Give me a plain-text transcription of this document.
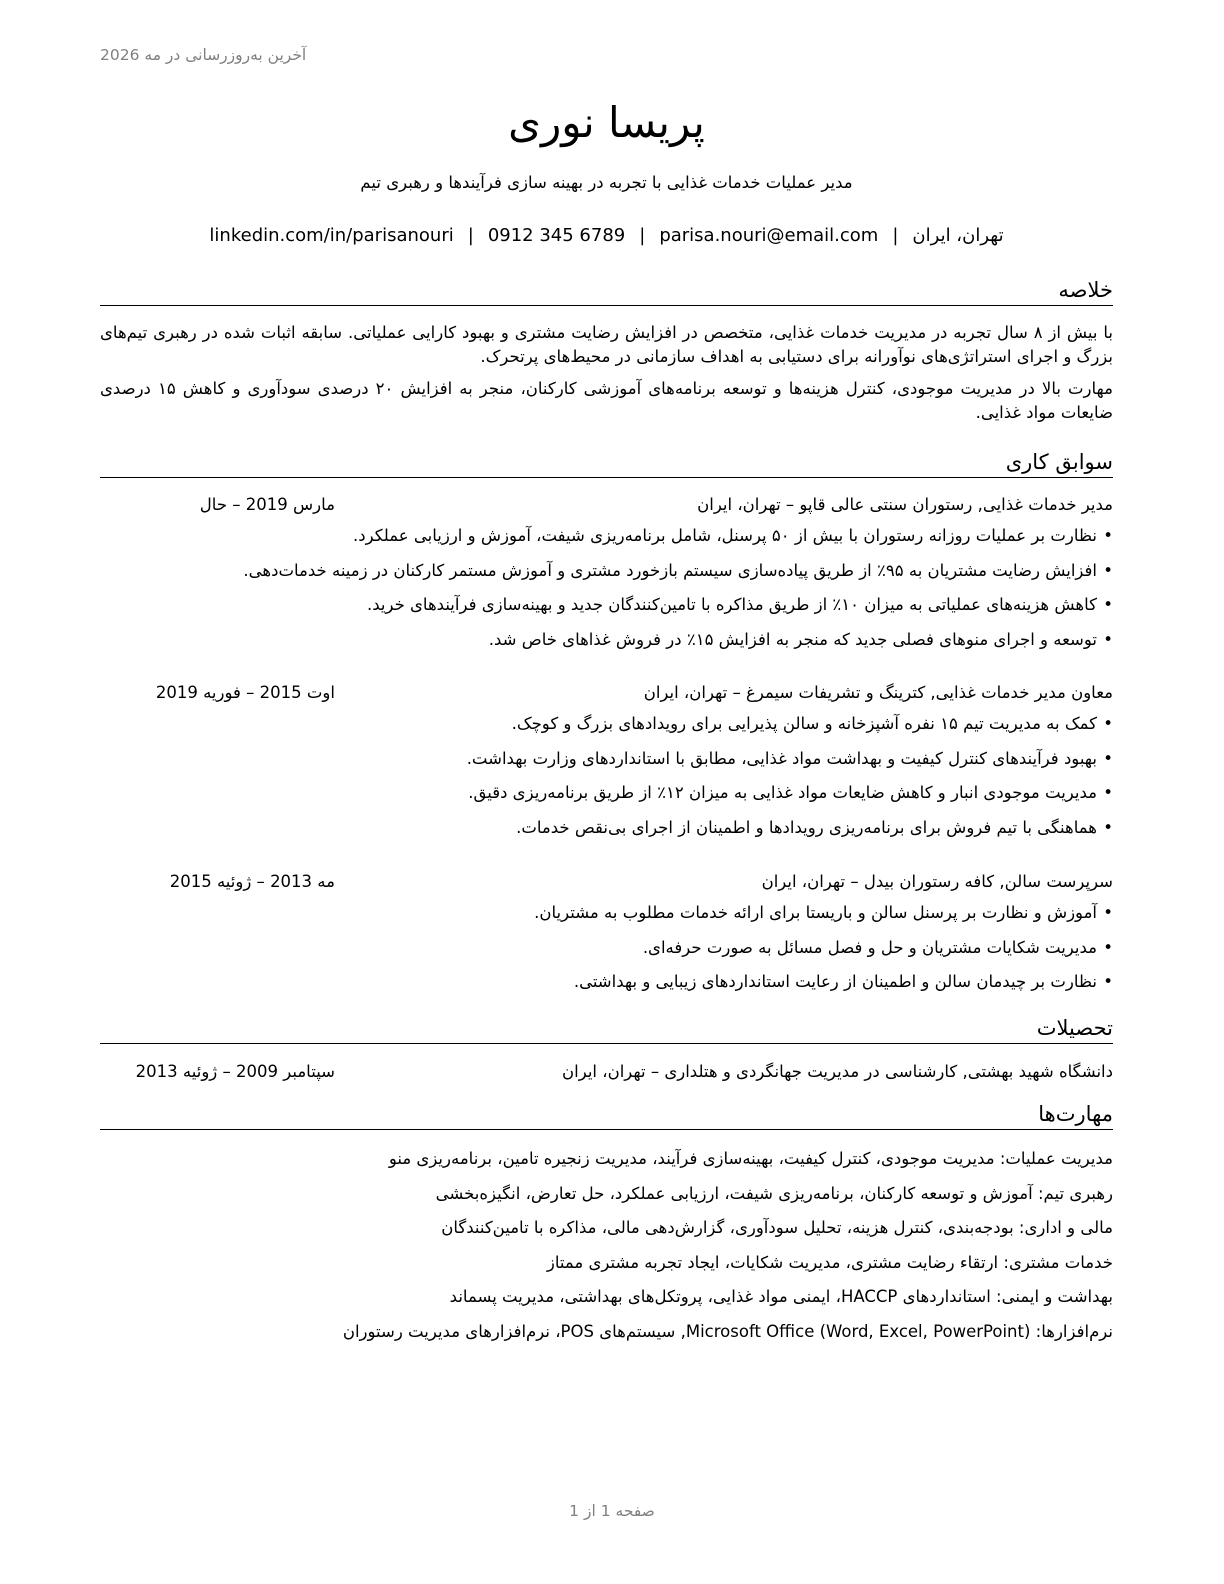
آخرین به‌روزرسانی در مه 2026
پریسا نوری
مدیر عملیات خدمات غذایی با تجربه در بهینه سازی فرآیندها و رهبری تیم
تهران، ایران|parisa.nouri@email.com|0912 345 6789|linkedin.com/in/parisanouri
خلاصه

با بیش از ۸ سال تجربه در مدیریت خدمات غذایی، متخصص در افزایش رضایت مشتری و بهبود کارایی عملیاتی. سابقه اثبات شده در رهبری تیم‌های بزرگ و اجرای استراتژی‌های نوآورانه برای دستیابی به اهداف سازمانی در محیط‌های پرتحرک.

مهارت بالا در مدیریت موجودی، کنترل هزینه‌ها و توسعه برنامه‌های آموزشی کارکنان، منجر به افزایش ۲۰ درصدی سودآوری و کاهش ۱۵ درصدی ضایعات مواد غذایی.

سوابق کاری
مدیر خدمات غذایی, رستوران سنتی عالی قاپو – تهران، ایران
مارس 2019 – حال
• نظارت بر عملیات روزانه رستوران با بیش از ۵۰ پرسنل، شامل برنامه‌ریزی شیفت، آموزش و ارزیابی عملکرد.
• افزایش رضایت مشتریان به ۹۵٪ از طریق پیاده‌سازی سیستم بازخورد مشتری و آموزش مستمر کارکنان در زمینه خدمات‌دهی.
• کاهش هزینه‌های عملیاتی به میزان ۱۰٪ از طریق مذاکره با تامین‌کنندگان جدید و بهینه‌سازی فرآیندهای خرید.
• توسعه و اجرای منوهای فصلی جدید که منجر به افزایش ۱۵٪ در فروش غذاهای خاص شد.
معاون مدیر خدمات غذایی, کترینگ و تشریفات سیمرغ – تهران، ایران
اوت 2015 – فوریه 2019
• کمک به مدیریت تیم ۱۵ نفره آشپزخانه و سالن پذیرایی برای رویدادهای بزرگ و کوچک.
• بهبود فرآیندهای کنترل کیفیت و بهداشت مواد غذایی، مطابق با استانداردهای وزارت بهداشت.
• مدیریت موجودی انبار و کاهش ضایعات مواد غذایی به میزان ۱۲٪ از طریق برنامه‌ریزی دقیق.
• هماهنگی با تیم فروش برای برنامه‌ریزی رویدادها و اطمینان از اجرای بی‌نقص خدمات.
سرپرست سالن, کافه رستوران بیدل – تهران، ایران
مه 2013 – ژوئیه 2015
• آموزش و نظارت بر پرسنل سالن و باریستا برای ارائه خدمات مطلوب به مشتریان.
• مدیریت شکایات مشتریان و حل و فصل مسائل به صورت حرفه‌ای.
• نظارت بر چیدمان سالن و اطمینان از رعایت استانداردهای زیبایی و بهداشتی.
تحصیلات
دانشگاه شهید بهشتی, کارشناسی در مدیریت جهانگردی و هتلداری – تهران، ایران
سپتامبر 2009 – ژوئیه 2013
مهارت‌ها
مدیریت عملیات: مدیریت موجودی، کنترل کیفیت، بهینه‌سازی فرآیند، مدیریت زنجیره تامین، برنامه‌ریزی منو
رهبری تیم: آموزش و توسعه کارکنان، برنامه‌ریزی شیفت، ارزیابی عملکرد، حل تعارض، انگیزه‌بخشی
مالی و اداری: بودجه‌بندی، کنترل هزینه، تحلیل سودآوری، گزارش‌دهی مالی، مذاکره با تامین‌کنندگان
خدمات مشتری: ارتقاء رضایت مشتری، مدیریت شکایات، ایجاد تجربه مشتری ممتاز
بهداشت و ایمنی: استانداردهای HACCP، ایمنی مواد غذایی، پروتکل‌های بهداشتی، مدیریت پسماند
نرم‌افزارها: Microsoft Office (Word, Excel, PowerPoint), سیستم‌های POS، نرم‌افزارهای مدیریت رستوران
صفحه 1 از 1
